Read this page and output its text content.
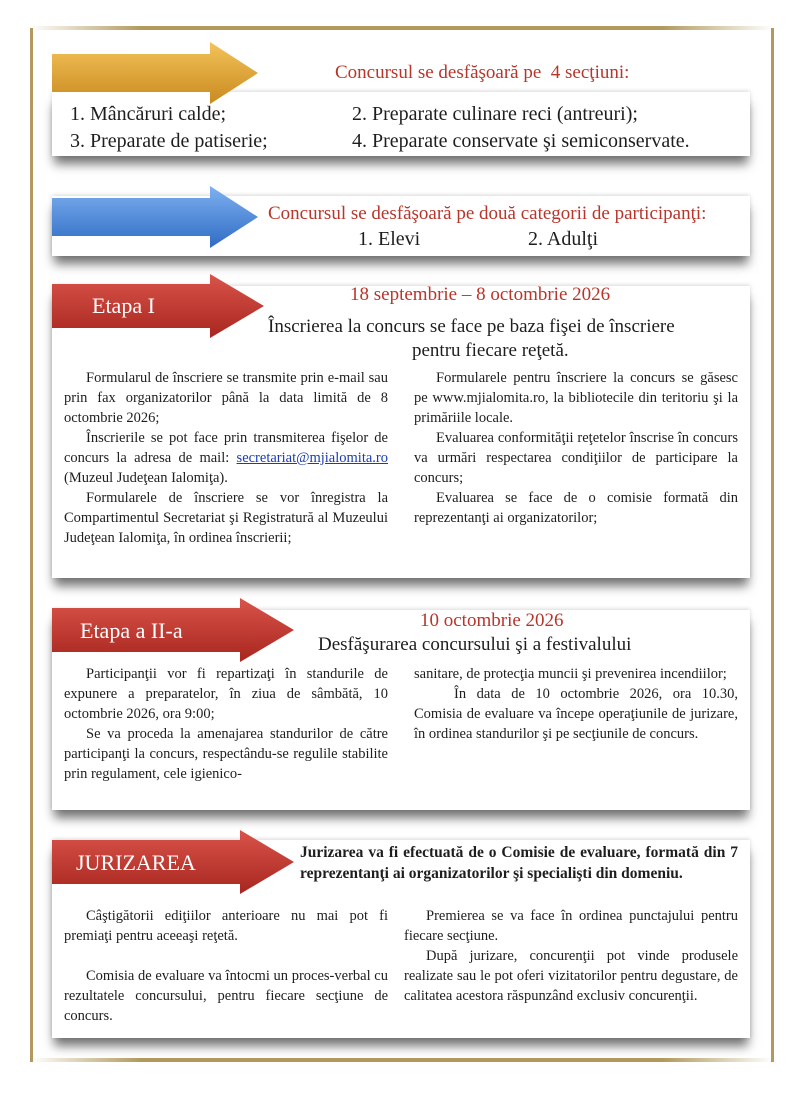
Concursul se desfăşoară pe  4 secţiuni:
1. Mâncăruri calde;	2. Preparate culinare reci (antreuri);
3. Preparate de patiserie;	4. Preparate conservate şi semiconservate.
Concursul se desfăşoară pe două categorii de participanţi:
1. Elevi	2. Adulţi
Etapa I	18 septembrie – 8 octombrie 2026
Înscrierea la concurs se face pe baza fişei de înscriere
pentru fiecare reţetă.

Formularul de înscriere se transmite prin e-mail sau prin fax organizatorilor până la data limită de 8 octombrie 2026;

Înscrierile se pot face prin transmiterea fişelor de concurs la adresa de mail: secretariat@mjialomita.ro (Muzeul Judeţean Ialomiţa).

Formularele de înscriere se vor înregistra la Compartimentul Secretariat şi Registratură al Muzeului Judeţean Ialomiţa, în ordinea înscrierii;

Formularele pentru înscriere la concurs se găsesc pe www.mjialomita.ro, la bibliotecile din teritoriu şi la primăriile locale.

Evaluarea conformităţii reţetelor înscrise în concurs va urmări respectarea condiţiilor de participare la concurs;

Evaluarea se face de o comisie formată din reprezentanţi ai organizatorilor;

Etapa a II-a	10 octombrie 2026
Desfăşurarea concursului şi a festivalului

Participanţii vor fi repartizaţi în standurile de expunere a preparatelor, în ziua de sâmbătă, 10 octombrie 2026, ora 9:00;

Se va proceda la amenajarea standurilor de către participanţi la concurs, respectându-se regulile stabilite prin regulament, cele igienico-

sanitare, de protecţia muncii şi prevenirea incendiilor;

În data de 10 octombrie 2026, ora 10.30, Comisia de evaluare va începe operaţiunile de jurizare, în ordinea standurilor şi pe secţiunile de concurs.

JURIZAREA	Jurizarea va fi efectuată de o Comisie de evaluare, formată din 7 reprezentanţi ai organizatorilor şi specialişti din domeniu.

Câştigătorii ediţiilor anterioare nu mai pot fi premiaţi pentru aceeaşi reţetă.

Comisia de evaluare va întocmi un proces-verbal cu rezultatele concursului, pentru fiecare secţiune de concurs.

Premierea se va face în ordinea punctajului pentru fiecare secţiune.

După jurizare, concurenţii pot vinde produsele realizate sau le pot oferi vizitatorilor pentru degustare, de calitatea acestora răspunzând exclusiv concurenţii.
